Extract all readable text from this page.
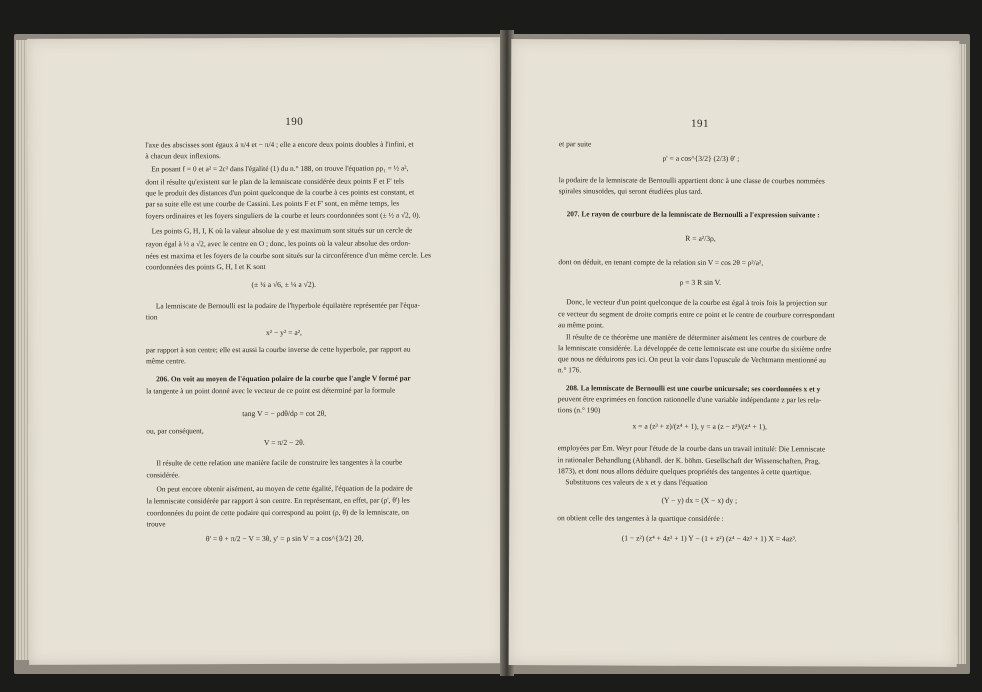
190
l'axe des abscisses sont égaux à π/4 et − π/4 ; elle a encore deux points doubles à l'infini, et
à chacun deux inflexions.
En posant f = 0 et a² = 2c² dans l'égalité (1) du n.° 188, on trouve l'équation ρρ₁ = ½ a²,
dont il résulte qu'existent sur le plan de la lemniscate considérée deux points F et F' tels
que le produit des distances d'un point quelconque de la courbe à ces points est constant, et
par sa suite elle est une courbe de Cassini. Les points F et F' sont, en même temps, les
foyers ordinaires et les foyers singuliers de la courbe et leurs coordonnées sont (± ½ a √2, 0).
Les points G, H, I, K où la valeur absolue de y est maximum sont situés sur un cercle de
rayon égal à ½ a √2, avec le centre en O ; donc, les points où la valeur absolue des ordon-
nées est maxima et les foyers de la courbe sont situés sur la circonférence d'un même cercle. Les
coordonnées des points G, H, I et K sont
(± ¼ a √6, ± ¼ a √2).
La lemniscate de Bernoulli est la podaire de l'hyperbole équilatère représentée par l'équa-
tion
x² − y² = a²,
par rapport à son centre; elle est aussi la courbe inverse de cette hyperbole, par rapport au
même centre.
206. On voit au moyen de l'équation polaire de la courbe que l'angle V formé par
la tangente à un point donné avec le vecteur de ce point est déterminé par la formule
tang V = − ρdθ/dρ = cot 2θ,
ou, par conséquent,
V = π/2 − 2θ.
Il résulte de cette relation une manière facile de construire les tangentes à la courbe
considérée.
On peut encore obtenir aisément, au moyen de cette égalité, l'équation de la podaire de
la lemniscate considérée par rapport à son centre. En représentant, en effet, par (ρ', θ') les
coordonnées du point de cette podaire qui correspond au point (ρ, θ) de la lemniscate, on
trouve
θ' = θ + π/2 − V = 3θ, y' = ρ sin V = a cos^{3/2} 2θ,
191
et par suite
ρ' = a cos^{3/2} (2/3) θ' ;
la podaire de la lemniscate de Bernoulli appartient donc à une classe de courbes nommées
spirales sinusoïdes, qui seront étudiées plus tard.
207. Le rayon de courbure de la lemniscate de Bernoulli a l'expression suivante :
R = a²/3ρ,
dont on déduit, en tenant compte de la relation sin V = cos 2θ = ρ²/a²,
ρ = 3 R sin V.
Donc, le vecteur d'un point quelconque de la courbe est égal à trois fois la projection sur
ce vecteur du segment de droite compris entre ce point et le centre de courbure correspondant
au même point.
Il résulte de ce théorème une manière de déterminer aisément les centres de courbure de
la lemniscate considérée. La développée de cette lemniscate est une courbe du sixième ordre
que nous ne déduirons pas ici. On peut la voir dans l'opuscule de Vechtmann mentionné au
n.° 176.
208. La lemniscate de Bernoulli est une courbe unicursale; ses coordonnées x et y
peuvent être exprimées en fonction rationnelle d'une variable indépendante z par les rela-
tions (n.° 190)
x = a (z³ + z)/(z⁴ + 1), y = a (z − z³)/(z⁴ + 1),
employées par Em. Weyr pour l'étude de la courbe dans un travail intitulé: Die Lemniscate
in rationaler Behandlung (Abhandl. der K. böhm. Gesellschaft der Wissenschaften, Prag,
1873), et dont nous allons déduire quelques propriétés des tangentes à cette quartique.
Substituons ces valeurs de x et y dans l'équation
(Y − y) dx = (X − x) dy ;
on obtient celle des tangentes à la quartique considérée :
(1 − z²) (z⁴ + 4z² + 1) Y − (1 + z²) (z⁴ − 4z² + 1) X = 4az³.
